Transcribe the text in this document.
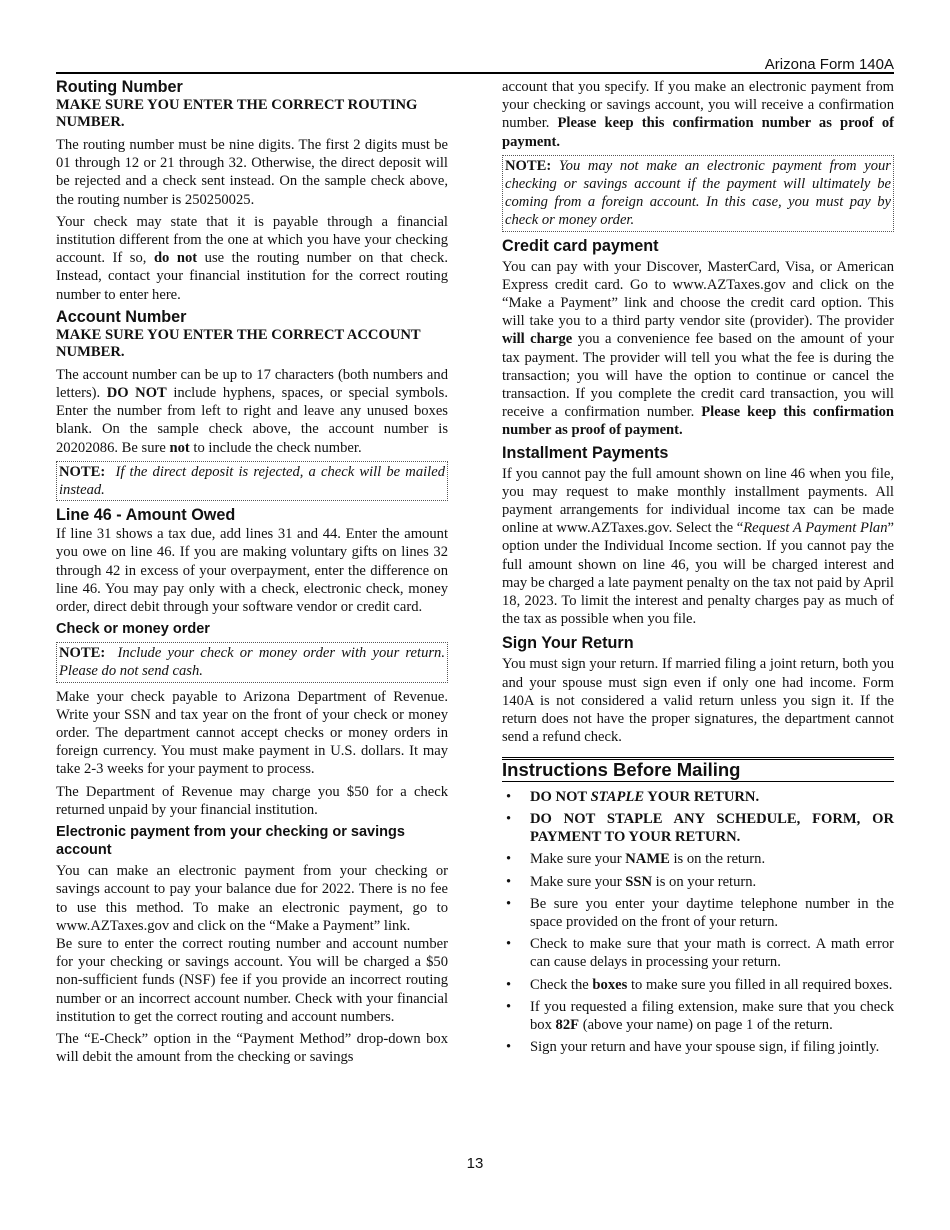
Arizona Form 140A
Routing Number
MAKE SURE YOU ENTER THE CORRECT ROUTING NUMBER.

The routing number must be nine digits. The first 2 digits must be 01 through 12 or 21 through 32. Otherwise, the direct deposit will be rejected and a check sent instead. On the sample check above, the routing number is 250250025.

Your check may state that it is payable through a financial institution different from the one at which you have your checking account. If so, do not use the routing number on that check. Instead, contact your financial institution for the correct routing number to enter here.

Account Number
MAKE SURE YOU ENTER THE CORRECT ACCOUNT NUMBER.

The account number can be up to 17 characters (both numbers and letters). DO NOT include hyphens, spaces, or special symbols. Enter the number from left to right and leave any unused boxes blank. On the sample check above, the account number is 20202086. Be sure not to include the check number.

NOTE: If the direct deposit is rejected, a check will be mailed instead.
Line 46 - Amount Owed

If line 31 shows a tax due, add lines 31 and 44. Enter the amount you owe on line 46. If you are making voluntary gifts on lines 32 through 42 in excess of your overpayment, enter the difference on line 46. You may pay only with a check, electronic check, money order, direct debit through your software vendor or credit card.

Check or money order
NOTE: Include your check or money order with your return. Please do not send cash.

Make your check payable to Arizona Department of Revenue. Write your SSN and tax year on the front of your check or money order. The department cannot accept checks or money orders in foreign currency. You must make payment in U.S. dollars. It may take 2-3 weeks for your payment to process.

The Department of Revenue may charge you $50 for a check returned unpaid by your financial institution.

Electronic payment from your checking or savings account

You can make an electronic payment from your checking or savings account to pay your balance due for 2022. There is no fee to use this method. To make an electronic payment, go to www.AZTaxes.gov and click on the “Make a Payment” link.

Be sure to enter the correct routing number and account number for your checking or savings account. You will be charged a $50 non-sufficient funds (NSF) fee if you provide an incorrect routing number or an incorrect account number. Check with your financial institution to get the correct routing and account numbers.

The “E-Check” option in the “Payment Method” drop-down box will debit the amount from the checking or savings

account that you specify. If you make an electronic payment from your checking or savings account, you will receive a confirmation number. Please keep this confirmation number as proof of payment.

NOTE: You may not make an electronic payment from your checking or savings account if the payment will ultimately be coming from a foreign account. In this case, you must pay by check or money order.
Credit card payment

You can pay with your Discover, MasterCard, Visa, or American Express credit card. Go to www.AZTaxes.gov and click on the “Make a Payment” link and choose the credit card option. This will take you to a third party vendor site (provider). The provider will charge you a convenience fee based on the amount of your tax payment. The provider will tell you what the fee is during the transaction; you will have the option to continue or cancel the transaction. If you complete the credit card transaction, you will receive a confirmation number. Please keep this confirmation number as proof of payment.

Installment Payments

If you cannot pay the full amount shown on line 46 when you file, you may request to make monthly installment payments. All payment arrangements for individual income tax can be made online at www.AZTaxes.gov. Select the “Request A Payment Plan” option under the Individual Income section. If you cannot pay the full amount shown on line 46, you will be charged interest and may be charged a late payment penalty on the tax not paid by April 18, 2023. To limit the interest and penalty charges pay as much of the tax as possible when you file.

Sign Your Return

You must sign your return. If married filing a joint return, both you and your spouse must sign even if only one had income. Form 140A is not considered a valid return unless you sign it. If the return does not have the proper signatures, the department cannot send a refund check.

Instructions Before Mailing
• DO NOT STAPLE YOUR RETURN.
• DO NOT STAPLE ANY SCHEDULE, FORM, OR PAYMENT TO YOUR RETURN.
• Make sure your NAME is on the return.
• Make sure your SSN is on your return.
• Be sure you enter your daytime telephone number in the space provided on the front of your return.
• Check to make sure that your math is correct. A math error can cause delays in processing your return.
• Check the boxes to make sure you filled in all required boxes.
• If you requested a filing extension, make sure that you check box 82F (above your name) on page 1 of the return.
• Sign your return and have your spouse sign, if filing jointly.
13
